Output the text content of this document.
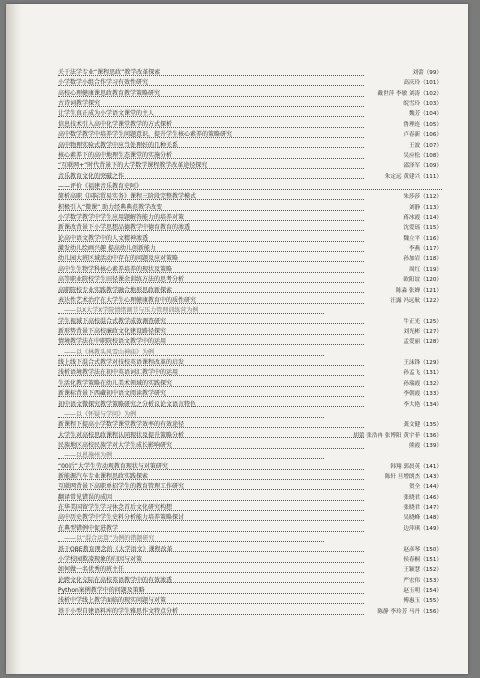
关于法学专业“课程思政”教学改革探索	刘蕾（99）
小学数学小组合作学习有效性研究	高庆玲（101）
高校心理健康课思政教育教学策略研究	戴世萍 李敏 刘涛（102）
古诗词教学探究	皖雪玲（103）
让学生真正成为小学语文课堂的主人	魏芳（104）
信息技术引入高中化学课堂教学的方式探析	鲁理连（105）
高中数学教学中培养学生问题意识，提升学生核心素养的策略研究	卢春新（106）
高中物理实验式教学中应当处理好的几种关系	王波（107）
核心素养下的高中地理生态课堂的实施分析	吴应松（108）
“互联网+”时代背景下的大学数学课程教学改革途径探究	邵泽军（109）
音乐教育文化的突破之作	朱定远 黄建兴（111）
——评价《福建音乐教育史阿》
简析高职《国际贸易实务》课程三阶段完整教学模式	朱莎莎（112）
积极引入“微课” 助力经典典范教学改变	刘静（113）
小学数学教学中学生应用题解答能力的培养对策	蒋冰霞（114）
新课改背景下小学思想品德教学中德育教育的渗透	沈爱瑶（115）
论高中语文教学中的人文精神渗透	魏立平（116）
激发幼儿绘画兴趣 提高幼儿创新能力	李燕（117）
幼儿园大班区域活动中存在的问题及应对策略	孙加岩（118）
高中生生物学科核心素养培养的现状及策略	周红（119）
高等职业院校学生田径课余训练方法的思考分析	欧阳谊（120）
高职院校专业实践教学融合地形思政新探索	陈淼 张婵（121）
表达性艺术治疗在大学生心理健康教育中的质性研究	汪露 冯远航（122）
——以X大学X学院情绪调节与压力管理训练营为例
学生视域下高校混合式教学成效调查研究	牛正光（125）
新形势背景下高校廉政文化建设路径探究	刘光彬（127）
情境教学法在中职院校语文教学中的运用	孟爱丽（128）
——以《林教头风雪山神庙》为例
线上线下混合式教学对技校英语课程改革的启发	王沫锋（129）
浅析语境教学法在初中英语词汇教学中的运用	孙孟飞（131）
生活化教学策略在幼儿美术领域的实践探究	孙瑞霞（132）
新课标背景下西藏初中语文阅读教学研究	李朝霞（133）
初中语文微探究教学策略研究之分析议论文语言特色	李大艳（134）
——以《怀疑与学问》为例
新课程下提高小学数学课堂教学效率的有效途径	龚文健（135）
大学生对高校思政课程认同现状及提升策略分析	胡蕾 张浩冉 张博阳 黄宇菲（136）
民族地区高校民族学对大学生成长影响研究	熊霞（139）
——以恩施州为例
“00后”大学生劳动观教育现状与对策研究	韩翔 郭晨英（141）
新能源汽车专业课程思政实践探索	陈轩 旦增朗杰（143）
互联网背景下高职单招学生的教育管理工作研究	贺全（144）
翻译常见错误的成因	张晓君（146）
在华美国留学生学习休念首后文化研究构想	张晓君（147）
高中历史教学中学生史料分析能力培养策略探讨	吴晓峰（148）
在典型错例中促进教学	边萍琪（149）
——以“混合运算”为例的错题研究
基于OBE教育理念的《大学语文》课程改革	赵彦琴（150）
小学校园欺凌现象的归因与对策	侯春桐（151）
如何做一名优秀的班主任	王颖慧（152）
论跨文化交际在高校英语教学中的有效渗透	严宏伟（153）
Python案例教学中的问题及策略	赵玉明（154）
浅析中学线上教学面临的现实问题与对策	傅惠玉（155）
基于小型自建语料库的学生雅思作文特点分析	陈静 李玲芳 马丹（156）
